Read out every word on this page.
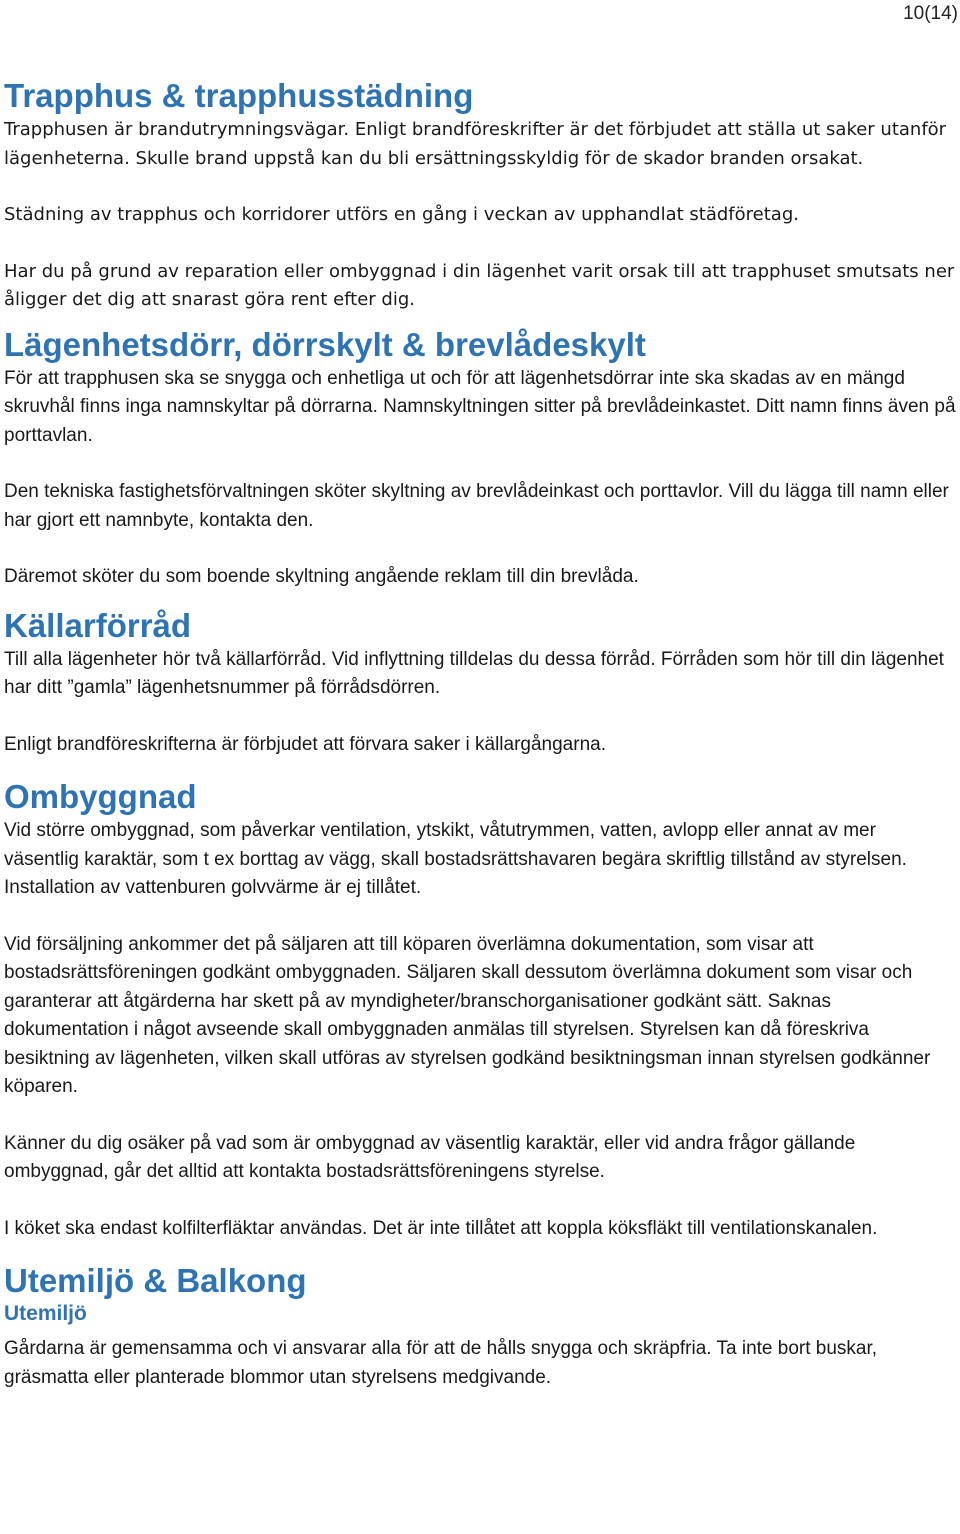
10(14)
Trapphus & trapphusstädning

Trapphusen är brandutrymningsvägar. Enligt brandföreskrifter är det förbjudet att ställa ut saker utanför lägenheterna. Skulle brand uppstå kan du bli ersättningsskyldig för de skador branden orsakat.

Städning av trapphus och korridorer utförs en gång i veckan av upphandlat städföretag.

Har du på grund av reparation eller ombyggnad i din lägenhet varit orsak till att trapphuset smutsats ner åligger det dig att snarast göra rent efter dig.

Lägenhetsdörr, dörrskylt & brevlådeskylt

För att trapphusen ska se snygga och enhetliga ut och för att lägenhetsdörrar inte ska skadas av en mängd skruvhål finns inga namnskyltar på dörrarna. Namnskyltningen sitter på brevlådeinkastet. Ditt namn finns även på porttavlan.

Den tekniska fastighetsförvaltningen sköter skyltning av brevlådeinkast och porttavlor. Vill du lägga till namn eller har gjort ett namnbyte, kontakta den.

Däremot sköter du som boende skyltning angående reklam till din brevlåda.

Källarförråd

Till alla lägenheter hör två källarförråd. Vid inflyttning tilldelas du dessa förråd. Förråden som hör till din lägenhet har ditt ”gamla” lägenhetsnummer på förrådsdörren.

Enligt brandföreskrifterna är förbjudet att förvara saker i källargångarna.

Ombyggnad

Vid större ombyggnad, som påverkar ventilation, ytskikt, våtutrymmen, vatten, avlopp eller annat av mer väsentlig karaktär, som t ex borttag av vägg, skall bostadsrättshavaren begära skriftlig tillstånd av styrelsen. Installation av vattenburen golvvärme är ej tillåtet.

Vid försäljning ankommer det på säljaren att till köparen överlämna dokumentation, som visar att bostadsrättsföreningen godkänt ombyggnaden. Säljaren skall dessutom överlämna dokument som visar och garanterar att åtgärderna har skett på av myndigheter/branschorganisationer godkänt sätt. Saknas dokumentation i något avseende skall ombyggnaden anmälas till styrelsen. Styrelsen kan då föreskriva besiktning av lägenheten, vilken skall utföras av styrelsen godkänd besiktningsman innan styrelsen godkänner köparen.

Känner du dig osäker på vad som är ombyggnad av väsentlig karaktär, eller vid andra frågor gällande ombyggnad, går det alltid att kontakta bostadsrättsföreningens styrelse.

I köket ska endast kolfilterfläktar användas. Det är inte tillåtet att koppla köksfläkt till ventilationskanalen.

Utemiljö & Balkong
Utemiljö

Gårdarna är gemensamma och vi ansvarar alla för att de hålls snygga och skräpfria. Ta inte bort buskar, gräsmatta eller planterade blommor utan styrelsens medgivande.
